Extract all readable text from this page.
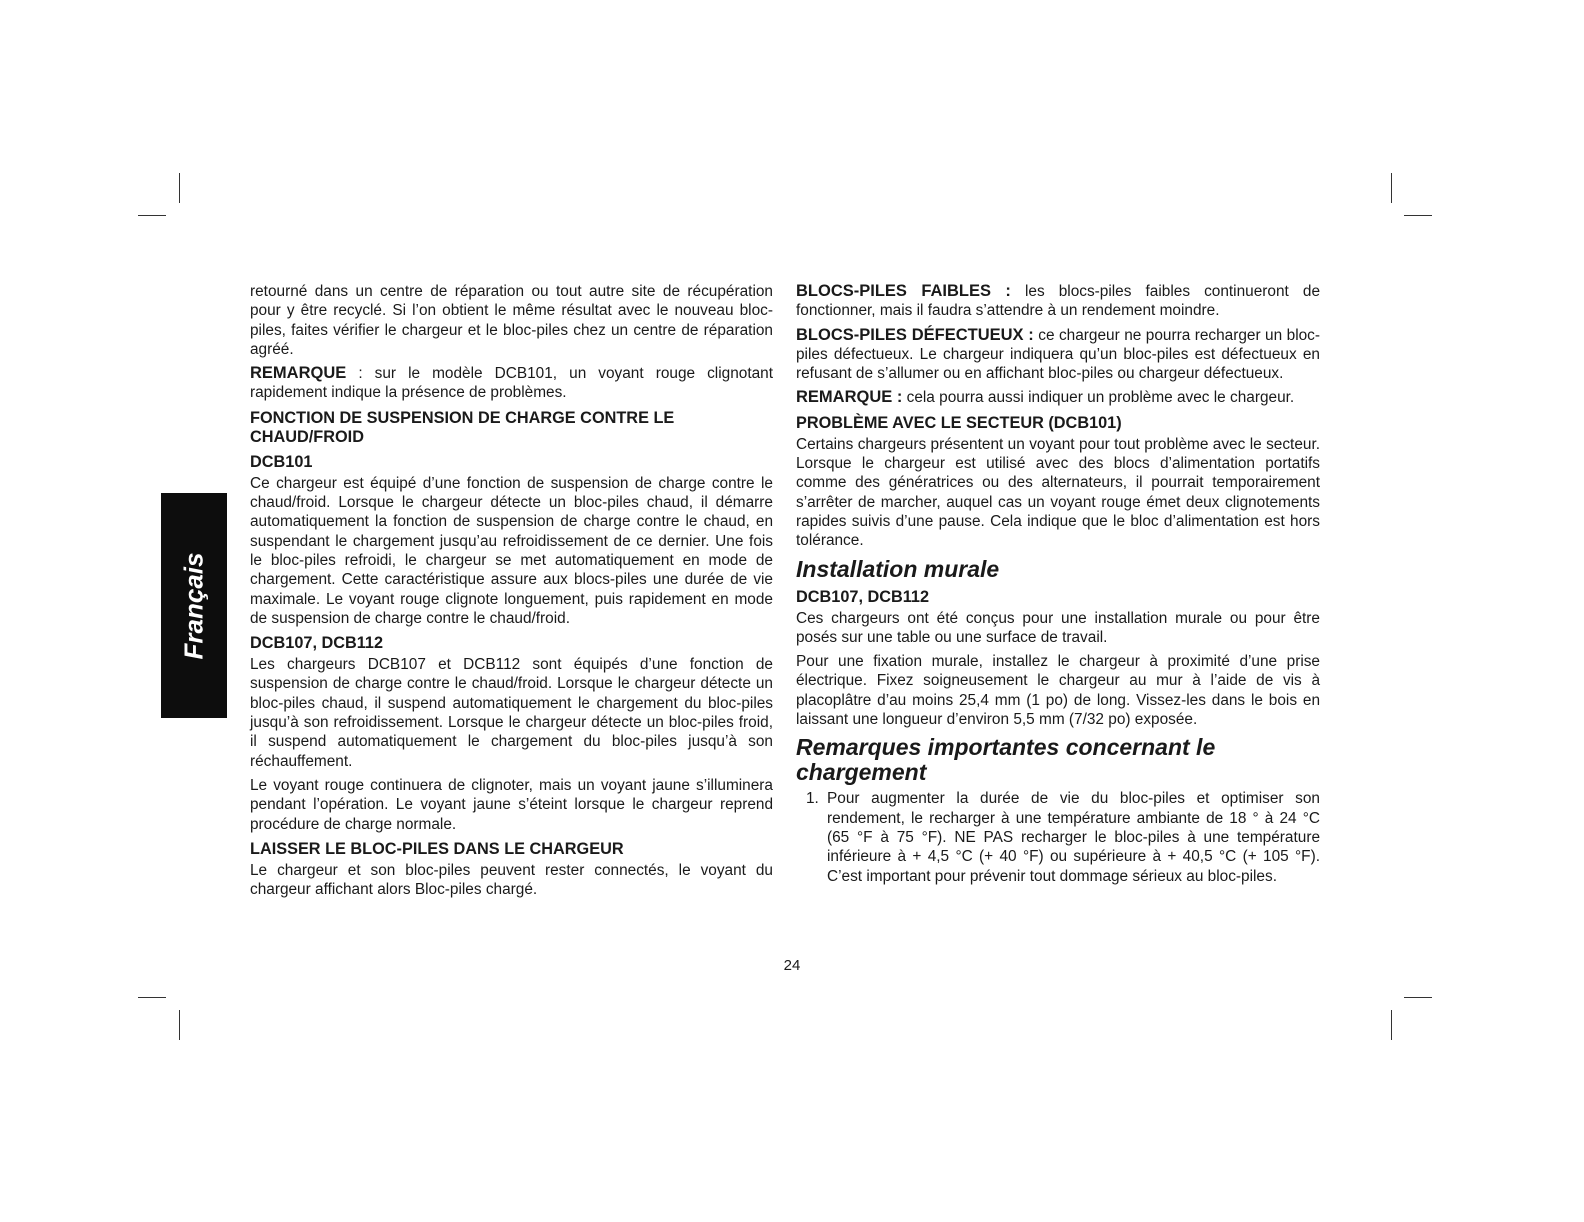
Français

retourné dans un centre de réparation ou tout autre site de récupération pour y être recyclé. Si l’on obtient le même résultat avec le nouveau bloc-piles, faites vérifier le chargeur et le bloc-piles chez un centre de réparation agréé.

REMARQUE : sur le modèle DCB101, un voyant rouge clignotant rapidement indique la présence de problèmes.

FONCTION DE SUSPENSION DE CHARGE CONTRE LE CHAUD/FROID
DCB101

Ce chargeur est équipé d’une fonction de suspension de charge contre le chaud/froid. Lorsque le chargeur détecte un bloc-piles chaud, il démarre automatiquement la fonction de suspension de charge contre le chaud, en suspendant le chargement jusqu’au refroidissement de ce dernier. Une fois le bloc-piles refroidi, le chargeur se met automatiquement en mode de chargement. Cette caractéristique assure aux blocs-piles une durée de vie maximale. Le voyant rouge clignote longuement, puis rapidement en mode de suspension de charge contre le chaud/froid.

DCB107, DCB112

Les chargeurs DCB107 et DCB112 sont équipés d’une fonction de suspension de charge contre le chaud/froid. Lorsque le chargeur détecte un bloc-piles chaud, il suspend automatiquement le chargement du bloc-piles jusqu’à son refroidissement. Lorsque le chargeur détecte un bloc-piles froid, il suspend automatiquement le chargement du bloc-piles jusqu’à son réchauffement.

Le voyant rouge continuera de clignoter, mais un voyant jaune s’illuminera pendant l’opération. Le voyant jaune s’éteint lorsque le chargeur reprend procédure de charge normale.

LAISSER LE BLOC-PILES DANS LE CHARGEUR

Le chargeur et son bloc-piles peuvent rester connectés, le voyant du chargeur affichant alors Bloc-piles chargé.

BLOCS-PILES FAIBLES : les blocs-piles faibles continueront de fonctionner, mais il faudra s’attendre à un rendement moindre.

BLOCS-PILES DÉFECTUEUX : ce chargeur ne pourra recharger un bloc-piles défectueux. Le chargeur indiquera qu’un bloc-piles est défectueux en refusant de s’allumer ou en affichant bloc-piles ou chargeur défectueux.

REMARQUE : cela pourra aussi indiquer un problème avec le chargeur.

PROBLÈME AVEC LE SECTEUR (DCB101)

Certains chargeurs présentent un voyant pour tout problème avec le secteur. Lorsque le chargeur est utilisé avec des blocs d’alimentation portatifs comme des génératrices ou des alternateurs, il pourrait temporairement s’arrêter de marcher, auquel cas un voyant rouge émet deux clignotements rapides suivis d’une pause. Cela indique que le bloc d’alimentation est hors tolérance.

Installation murale
DCB107, DCB112

Ces chargeurs ont été conçus pour une installation murale ou pour être posés sur une table ou une surface de travail.

Pour une fixation murale, installez le chargeur à proximité d’une prise électrique. Fixez soigneusement le chargeur au mur à l’aide de vis à placoplâtre d’au moins 25,4 mm (1 po) de long. Vissez-les dans le bois en laissant une longueur d’environ 5,5 mm (7/32 po) exposée.

Remarques importantes concernant le chargement
1. Pour augmenter la durée de vie du bloc-piles et optimiser son rendement, le recharger à une température ambiante de 18 ° à 24 °C (65 °F à 75 °F). NE PAS recharger le bloc-piles à une température inférieure à + 4,5 °C (+ 40 °F) ou supérieure à + 40,5 °C (+ 105 °F). C’est important pour prévenir tout dommage sérieux au bloc-piles.
24
